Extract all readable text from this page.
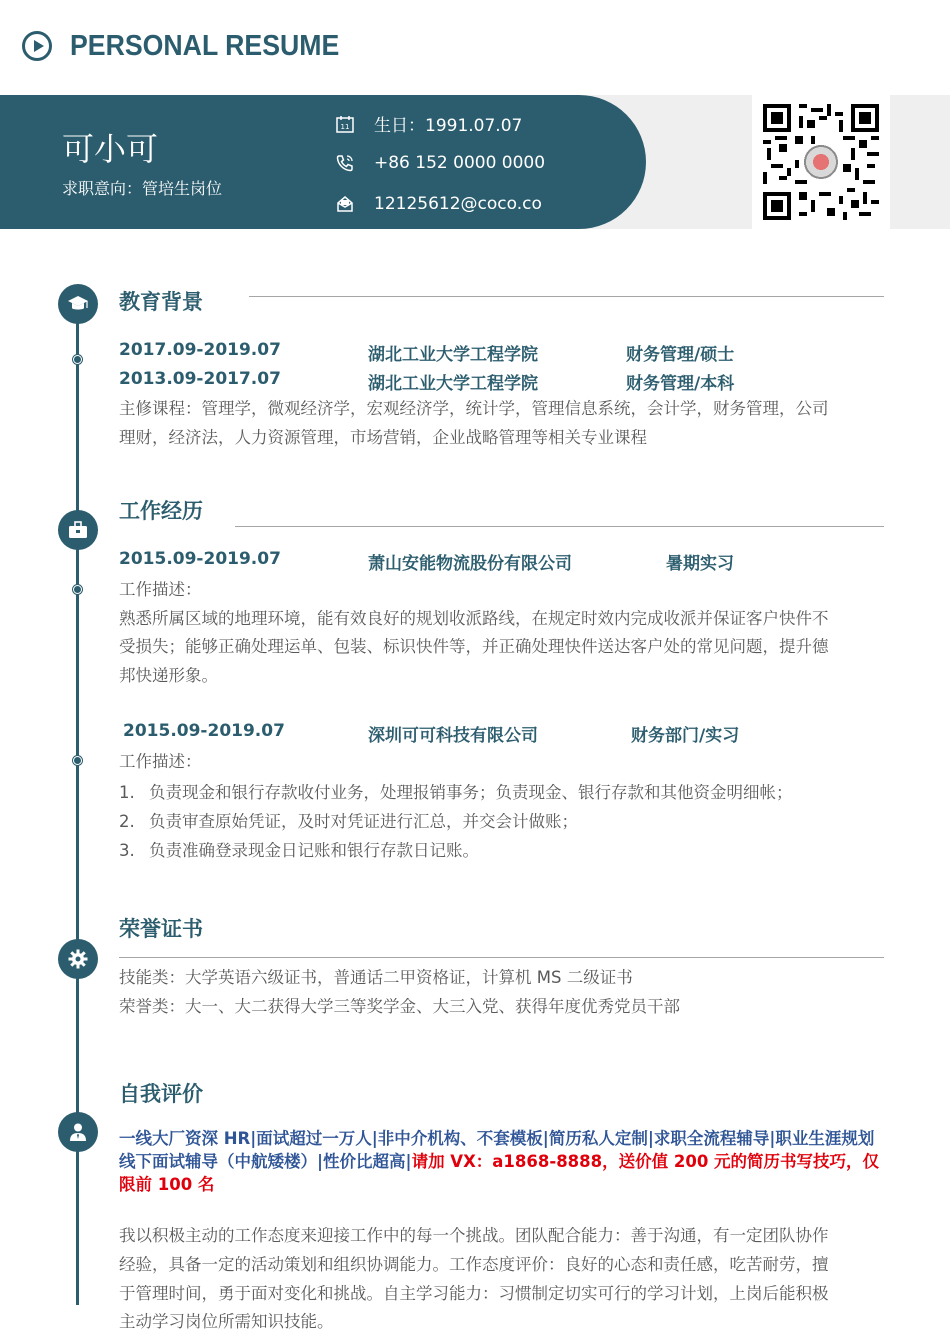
PERSONAL RESUME
可小可
求职意向：管培生岗位
11 生日：1991.07.07
+86 152 0000 0000
12125612@coco.co
教育背景
2017.09-2019.07	湖北工业大学工程学院	财务管理/硕士
2013.09-2017.07	湖北工业大学工程学院	财务管理/本科
主修课程：管理学，微观经济学，宏观经济学，统计学，管理信息系统，会计学，财务管理，公司
理财，经济法，人力资源管理，市场营销，企业战略管理等相关专业课程
工作经历
2015.09-2019.07	萧山安能物流股份有限公司	暑期实习
工作描述：
熟悉所属区域的地理环境，能有效良好的规划收派路线，在规定时效内完成收派并保证客户快件不
受损失；能够正确处理运单、包装、标识快件等，并正确处理快件送达客户处的常见问题，提升德
邦快递形象。
2015.09-2019.07	深圳可可科技有限公司	财务部门/实习
工作描述：
1. 负责现金和银行存款收付业务，处理报销事务；负责现金、银行存款和其他资金明细帐；
2. 负责审查原始凭证，及时对凭证进行汇总，并交会计做账；
3. 负责准确登录现金日记账和银行存款日记账。
荣誉证书
技能类：大学英语六级证书，普通话二甲资格证，计算机 MS 二级证书
荣誉类：大一、大二获得大学三等奖学金、大三入党、获得年度优秀党员干部
自我评价
一线大厂资深 HR|面试超过一万人|非中介机构、不套模板|简历私人定制|求职全流程辅导|职业生涯规划
线下面试辅导（中航矮楼）|性价比超高|请加 VX：a1868-8888，送价值 200 元的简历书写技巧，仅限前 100 名
我以积极主动的工作态度来迎接工作中的每一个挑战。团队配合能力：善于沟通，有一定团队协作
经验，具备一定的活动策划和组织协调能力。工作态度评价：良好的心态和责任感，吃苦耐劳，擅
于管理时间，勇于面对变化和挑战。自主学习能力：习惯制定切实可行的学习计划，上岗后能积极
主动学习岗位所需知识技能。
